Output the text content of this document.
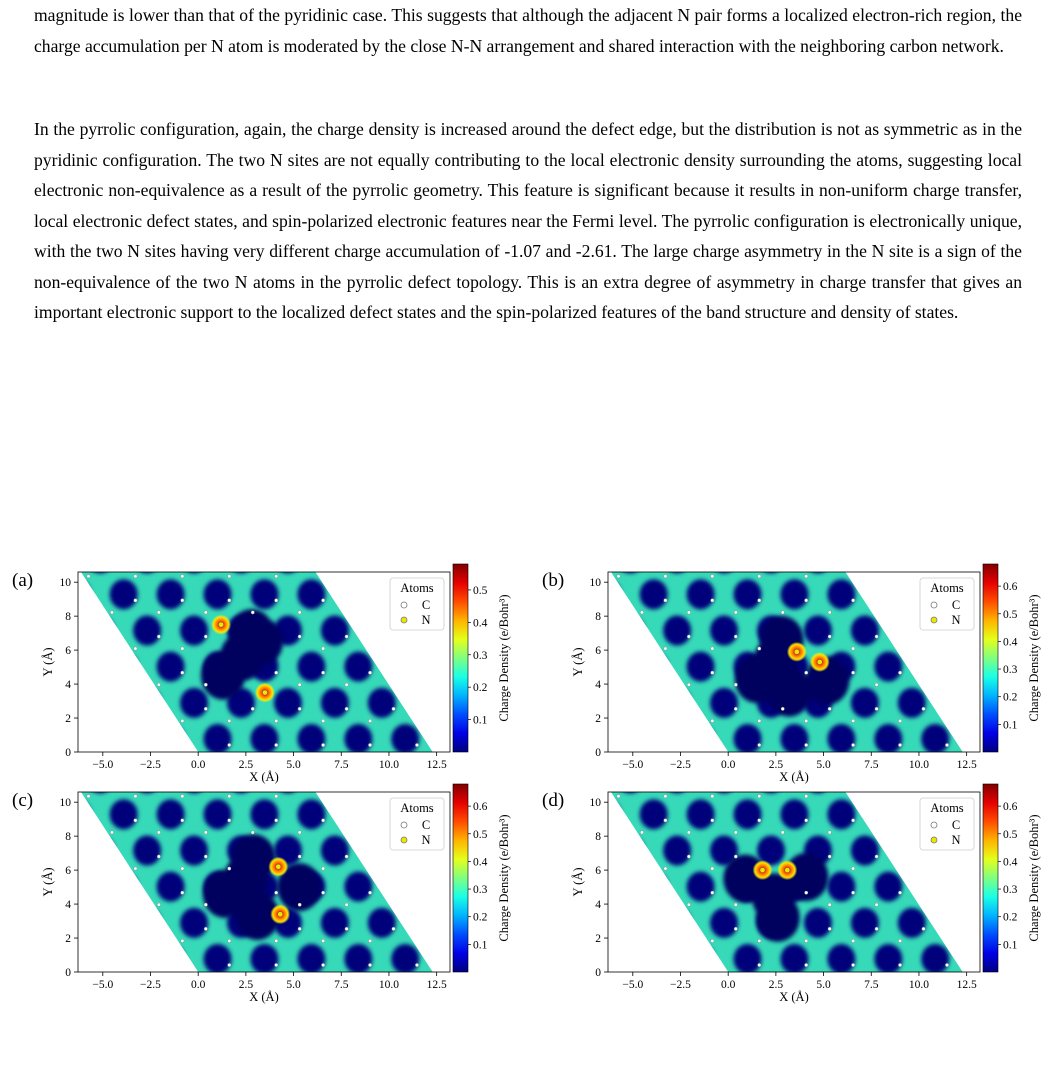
magnitude is lower than that of the pyridinic case. This suggests that although the adjacent N pair forms a localized electron-rich region, the charge accumulation per N atom is moderated by the close N-N arrangement and shared interaction with the neighboring carbon network.

In the pyrrolic configuration, again, the charge density is increased around the defect edge, but the distribution is not as symmetric as in the pyridinic configuration. The two N sites are not equally contributing to the local electronic density surrounding the atoms, suggesting local electronic non-equivalence as a result of the pyrrolic geometry. This feature is significant because it results in non-uniform charge transfer, local electronic defect states, and spin-polarized electronic features near the Fermi level. The pyrrolic configuration is electronically unique, with the two N sites having very different charge accumulation of -1.07 and -2.61. The large charge asymmetry in the N site is a sign of the non-equivalence of the two N atoms in the pyrrolic defect topology. This is an extra degree of asymmetry in charge transfer that gives an important electronic support to the localized defect states and the spin-polarized features of the band structure and density of states.

−5.0 −2.5	0.0	2.5	5.0	7.5	10.0 12.5
X (Å)
0
2
4
6
8
10
Y (Å)
(a)	Atoms
C
N
0.1
0.2
0.3
0.4
0.5
Charge Density (e/Bohr³)
−5.0 −2.5	0.0	2.5	5.0	7.5	10.0 12.5
X (Å)
0
2
4
6
8
10
Y (Å)
(b)	Atoms
C
N
0.1
0.2
0.3
0.4
0.5
0.6
Charge Density (e/Bohr³)
−5.0 −2.5	0.0	2.5	5.0	7.5	10.0 12.5
X (Å)
0
2
4
6
8
10
Y (Å)
(c)	Atoms
C
N
0.1
0.2
0.3
0.4
0.5
0.6
Charge Density (e/Bohr³)
−5.0 −2.5	0.0	2.5	5.0	7.5	10.0 12.5
X (Å)
0
2
4
6
8
10
Y (Å)
(d)	Atoms
C
N
0.1
0.2
0.3
0.4
0.5
0.6
Charge Density (e/Bohr³)
